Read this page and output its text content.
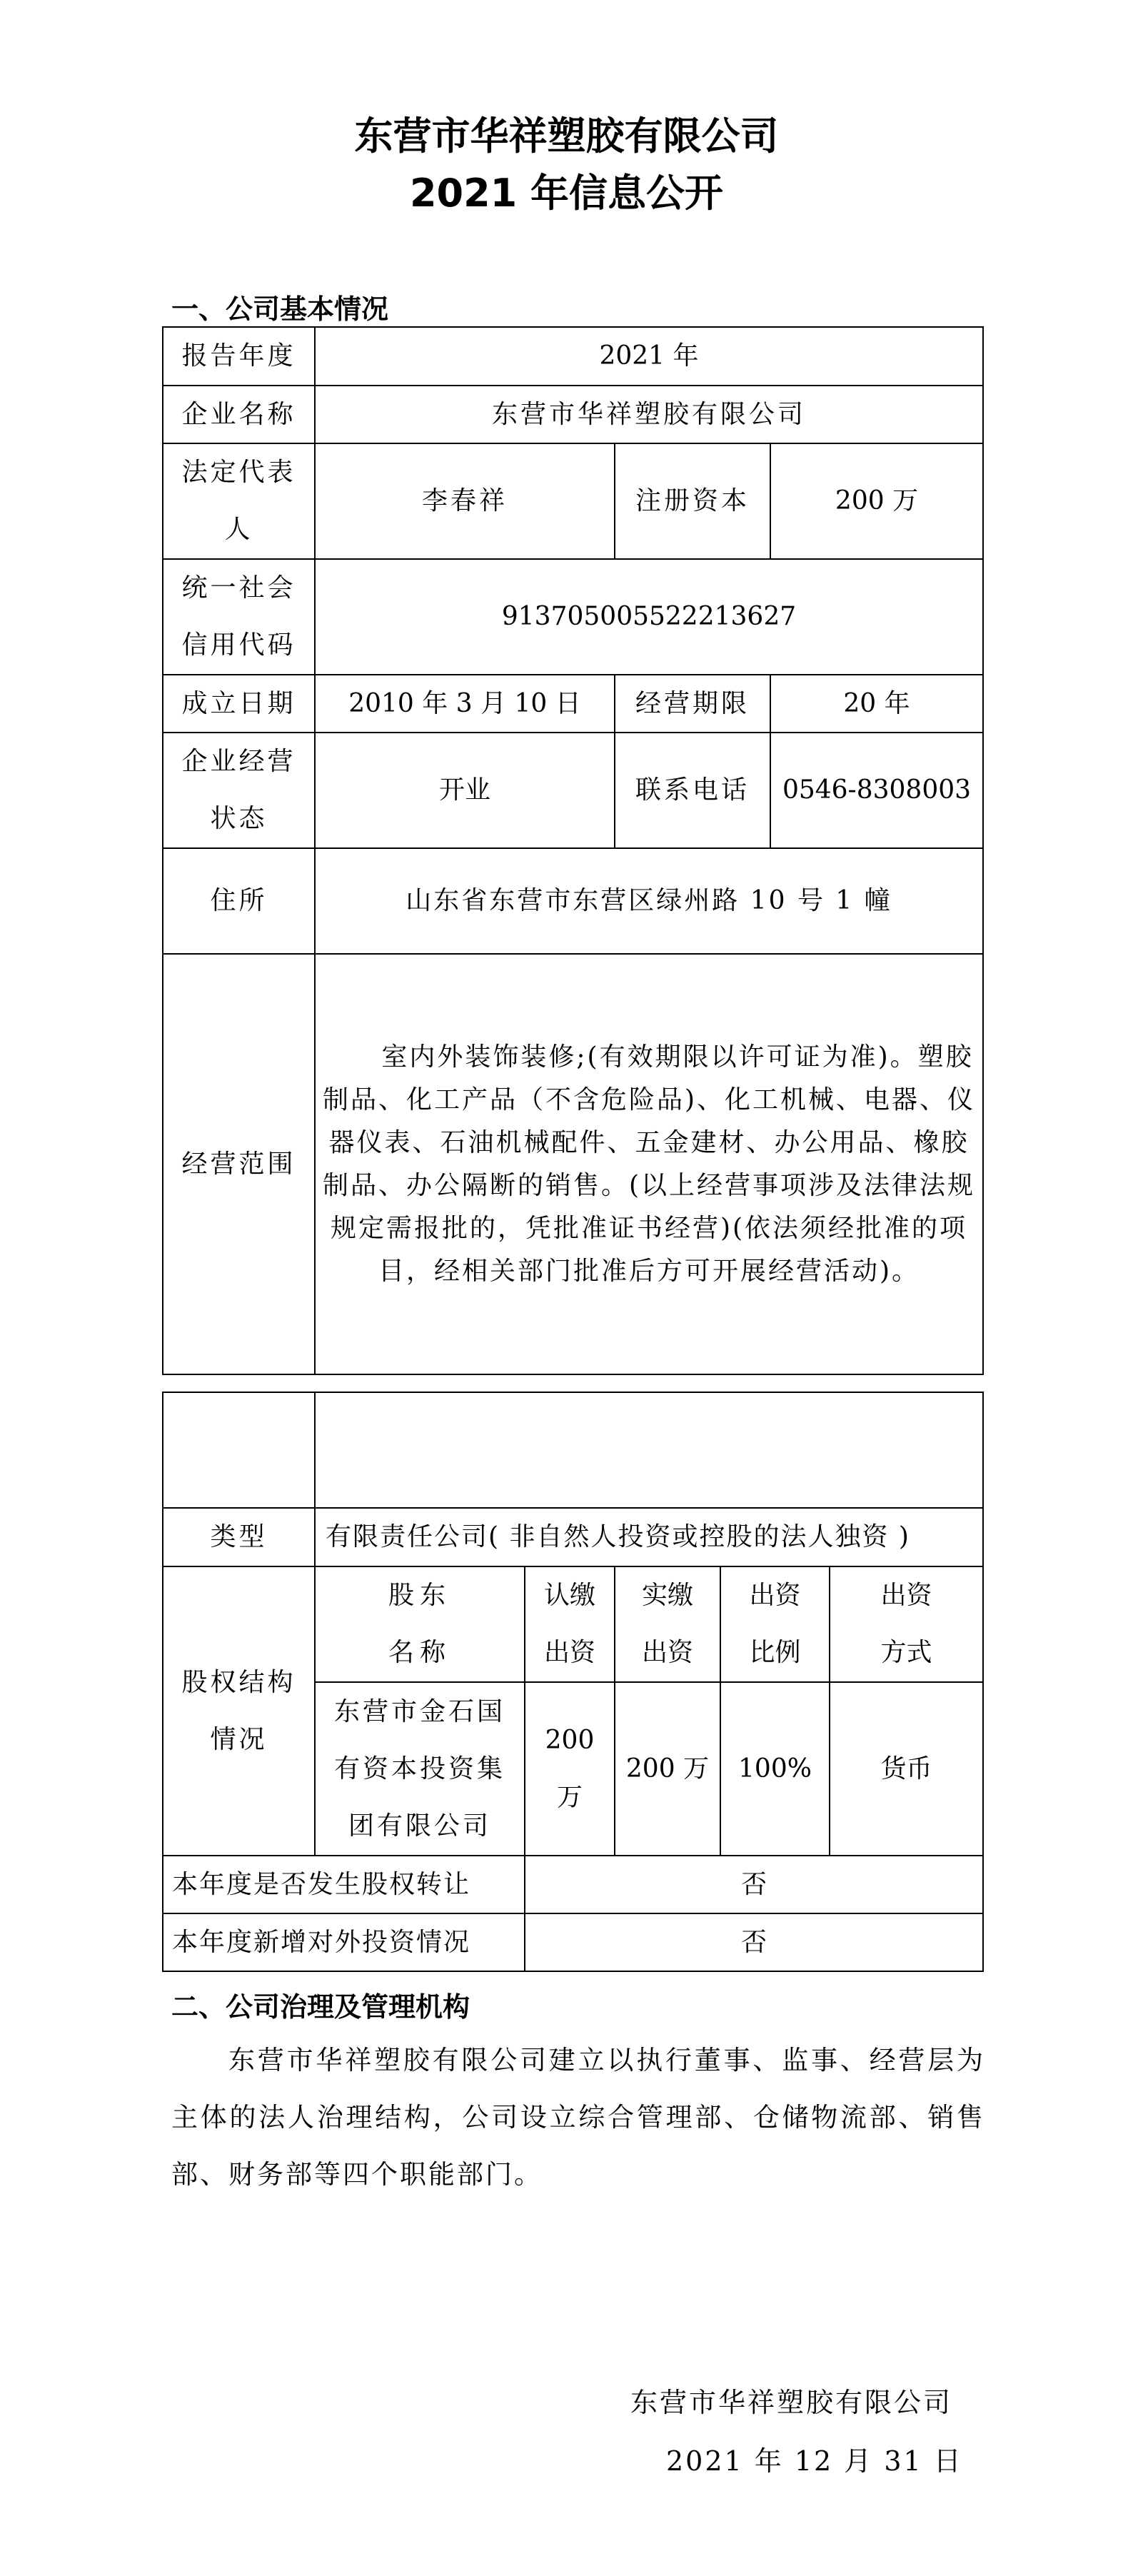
东营市华祥塑胶有限公司
2021 年信息公开
一、公司基本情况
报告年度	2021 年		
企业名称	东营市华祥塑胶有限公司		
法定代表人	李春祥	注册资本	200 万
统一社会信用代码	913705005522213627		
成立日期	2010 年 3 月 10 日	经营期限	20 年
企业经营状态	开业	联系电话	0546-8308003
住所	山东省东营市东营区绿州路 10 号 1 幢		
经营范围	室内外装饰装修;(有效期限以许可证为准)。塑胶制品、化工产品（不含危险品)、化工机械、电器、仪器仪表、石油机械配件、五金建材、办公用品、橡胶制品、办公隔断的销售。(以上经营事项涉及法律法规规定需报批的，凭批准证书经营)(依法须经批准的项目，经相关部门批准后方可开展经营活动)。		

类型	有限责任公司( 非自然人投资或控股的法人独资 )				
股权结构情况	股东名称	认缴出资	实缴出资	出资比例	出资方式
	东营市金石国有资本投资集团有限公司	200 万	200 万	100%	货币
本年度是否发生股权转让		否			
本年度新增对外投资情况		否			
二、公司治理及管理机构
东营市华祥塑胶有限公司建立以执行董事、监事、经营层为主体的法人治理结构，公司设立综合管理部、仓储物流部、销售部、财务部等四个职能部门。
东营市华祥塑胶有限公司
2021 年 12 月 31 日
